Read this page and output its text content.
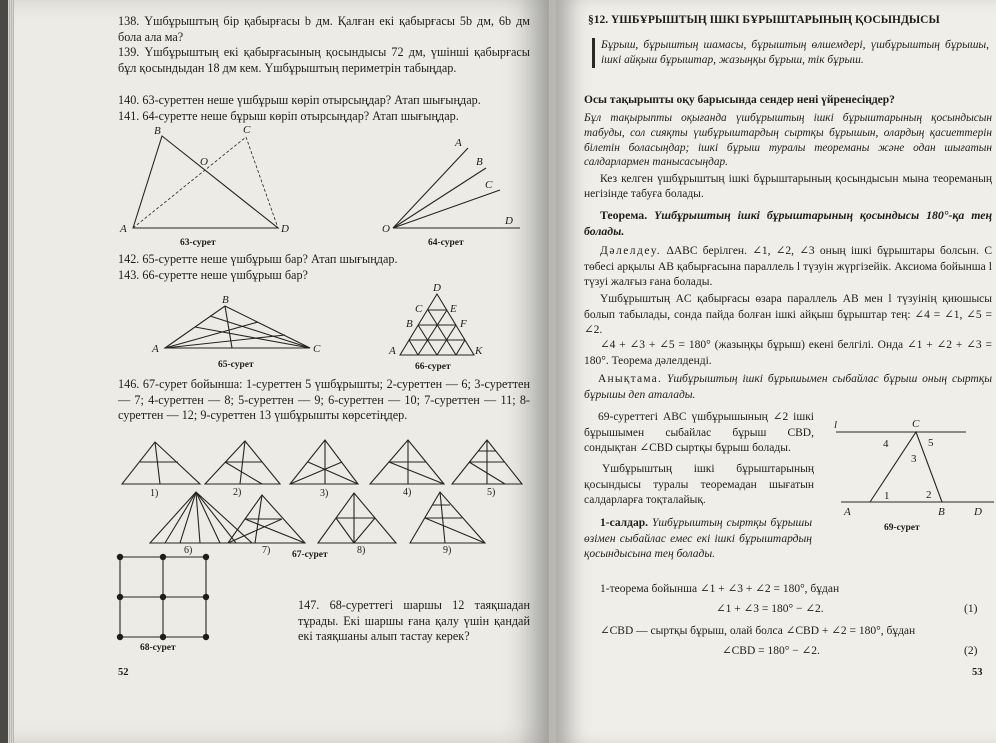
138. Үшбұрыштың бір қабырғасы b дм. Қалған екі қабырғасы 5b дм, 6b дм бола ала ма?
139. Үшбұрыштың екі қабырғасының қосындысы 72 дм, үшінші қабырғасы бұл қосындыдан 18 дм кем. Үшбұрыштың периметрін табыңдар.
140. 63-суреттен неше үшбұрыш көріп отырсыңдар? Атап шығыңдар.
141. 64-суретте неше бұрыш көріп отырсыңдар? Атап шығыңдар.
B	C
O
A	D
63-сурет
A
B
C
O
D
64-сурет
142. 65-суретте неше үшбұрыш бар? Атап шығыңдар.
143. 66-суретте неше үшбұрыш бар?
B
A	C
65-сурет
D
C	E
B	F
A	K
66-сурет
146. 67-сурет бойынша: 1-суреттен 5 үшбұрышты; 2-суреттен — 6; 3-суреттен — 7; 4-суреттен — 8; 5-суреттен — 9; 6-суреттен — 10; 7-суреттен — 11; 8-суреттен — 12; 9-суреттен 13 үшбұрышты көрсетіңдер.
1)	2)	3)	4)	5)
6)	7)	8)	9)
67-сурет
68-сурет
147. 68-суреттегі шаршы 12 таяқшадан тұрады. Екі шаршы ғана қалу үшін қандай екі таяқшаны алып тастау керек?
52
§12. ҮШБҰРЫШТЫҢ ІШКІ БҰРЫШТАРЫНЫҢ ҚОСЫНДЫСЫ
Бұрыш, бұрыштың шамасы, бұрыштың өлшемдері, үшбұрыштың бұрышы, ішкі айқыш бұрыштар, жазыңқы бұрыш, тік бұрыш.
Осы тақырыпты оқу барысында сендер нені үйренесіңдер?
Бұл тақырыпты оқығанда үшбұрыштың ішкі бұрыштарының қосындысын табуды, сол сияқты үшбұрыштардың сыртқы бұрышын, олардың қасиеттерін білетін боласыңдар; ішкі бұрыш туралы теореманы және одан шығатын салдарлармен танысасыңдар.
Кез келген үшбұрыштың ішкі бұрыштарының қосындысын мына теореманың негізінде табуға болады.
Теорема. Үшбұрыштың ішкі бұрыштарының қосындысы 180°-қа тең болады.
Дәлелдеу. ΔABC берілген. ∠1, ∠2, ∠3 оның ішкі бұрыштары болсын. C төбесі арқылы AB қабырғасына параллель l түзуін жүргізейік. Аксиома бойынша l түзуі жалғыз ғана болады.
Үшбұрыштың AC қабырғасы өзара параллель AB мен l түзуінің қиюшысы болып табылады, сонда пайда болған ішкі айқыш бұрыштар тең: ∠4 = ∠1, ∠5 = ∠2.
∠4 + ∠3 + ∠5 = 180° (жазыңқы бұрыш) екені белгілі. Онда ∠1 + ∠2 + ∠3 = 180°. Теорема дәлелденді.
Анықтама. Үшбұрыштың ішкі бұрышымен сыбайлас бұрыш оның сыртқы бұрышы деп аталады.
69-суреттегі ABC үшбұрышының ∠2 ішкі бұрышымен сыбайлас бұрыш CBD, сондықтан ∠CBD сыртқы бұрыш болады.
Үшбұрыштың ішкі бұрыштарының қосындысы туралы теоремадан шығатын салдарларға тоқталайық.
l	C
4
3
5
1	2
A	B	D
69-сурет
1-салдар. Үшбұрыштың сыртқы бұрышы өзімен сыбайлас емес екі ішкі бұрыштардың қосындысына тең болады.
1-теорема бойынша ∠1 + ∠3 + ∠2 = 180°, бұдан
∠1 + ∠3 = 180° − ∠2.	(1)
∠CBD — сыртқы бұрыш, олай болса ∠CBD + ∠2 = 180°, бұдан
∠CBD = 180° − ∠2.	(2)
53
